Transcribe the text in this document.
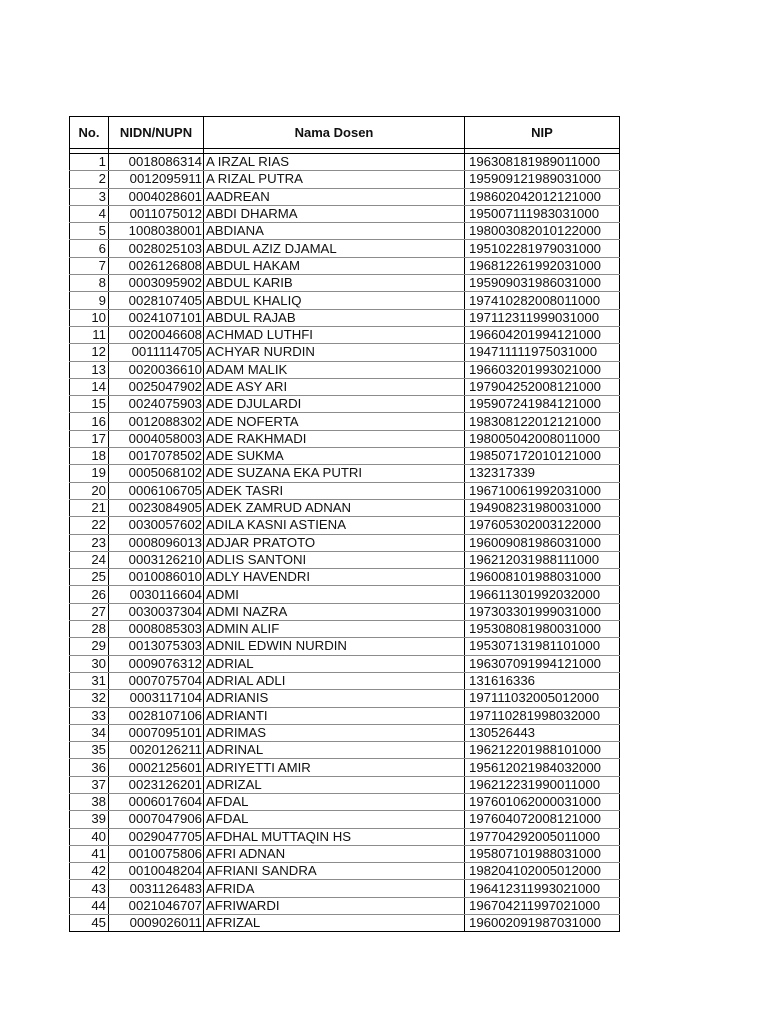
No.	NIDN/NUPN	Nama Dosen	NIP

1	0018086314	A IRZAL RIAS	196308181989011000
2	0012095911	A RIZAL PUTRA	195909121989031000
3	0004028601	AADREAN	198602042012121000
4	0011075012	ABDI DHARMA	195007111983031000
5	1008038001	ABDIANA	198003082010122000
6	0028025103	ABDUL AZIZ DJAMAL	195102281979031000
7	0026126808	ABDUL HAKAM	196812261992031000
8	0003095902	ABDUL KARIB	195909031986031000
9	0028107405	ABDUL KHALIQ	197410282008011000
10	0024107101	ABDUL RAJAB	197112311999031000
11	0020046608	ACHMAD LUTHFI	196604201994121000
12	0011114705	ACHYAR NURDIN	194711111975031000
13	0020036610	ADAM MALIK	196603201993021000
14	0025047902	ADE ASY ARI	197904252008121000
15	0024075903	ADE DJULARDI	195907241984121000
16	0012088302	ADE NOFERTA	198308122012121000
17	0004058003	ADE RAKHMADI	198005042008011000
18	0017078502	ADE SUKMA	198507172010121000
19	0005068102	ADE SUZANA EKA PUTRI	132317339
20	0006106705	ADEK TASRI	196710061992031000
21	0023084905	ADEK ZAMRUD ADNAN	194908231980031000
22	0030057602	ADILA KASNI ASTIENA	197605302003122000
23	0008096013	ADJAR PRATOTO	196009081986031000
24	0003126210	ADLIS SANTONI	196212031988111000
25	0010086010	ADLY HAVENDRI	196008101988031000
26	0030116604	ADMI	196611301992032000
27	0030037304	ADMI NAZRA	197303301999031000
28	0008085303	ADMIN ALIF	195308081980031000
29	0013075303	ADNIL EDWIN NURDIN	195307131981101000
30	0009076312	ADRIAL	196307091994121000
31	0007075704	ADRIAL ADLI	131616336
32	0003117104	ADRIANIS	197111032005012000
33	0028107106	ADRIANTI	197110281998032000
34	0007095101	ADRIMAS	130526443
35	0020126211	ADRINAL	196212201988101000
36	0002125601	ADRIYETTI AMIR	195612021984032000
37	0023126201	ADRIZAL	196212231990011000
38	0006017604	AFDAL	197601062000031000
39	0007047906	AFDAL	197604072008121000
40	0029047705	AFDHAL MUTTAQIN HS	197704292005011000
41	0010075806	AFRI ADNAN	195807101988031000
42	0010048204	AFRIANI SANDRA	198204102005012000
43	0031126483	AFRIDA	196412311993021000
44	0021046707	AFRIWARDI	196704211997021000
45	0009026011	AFRIZAL	196002091987031000
